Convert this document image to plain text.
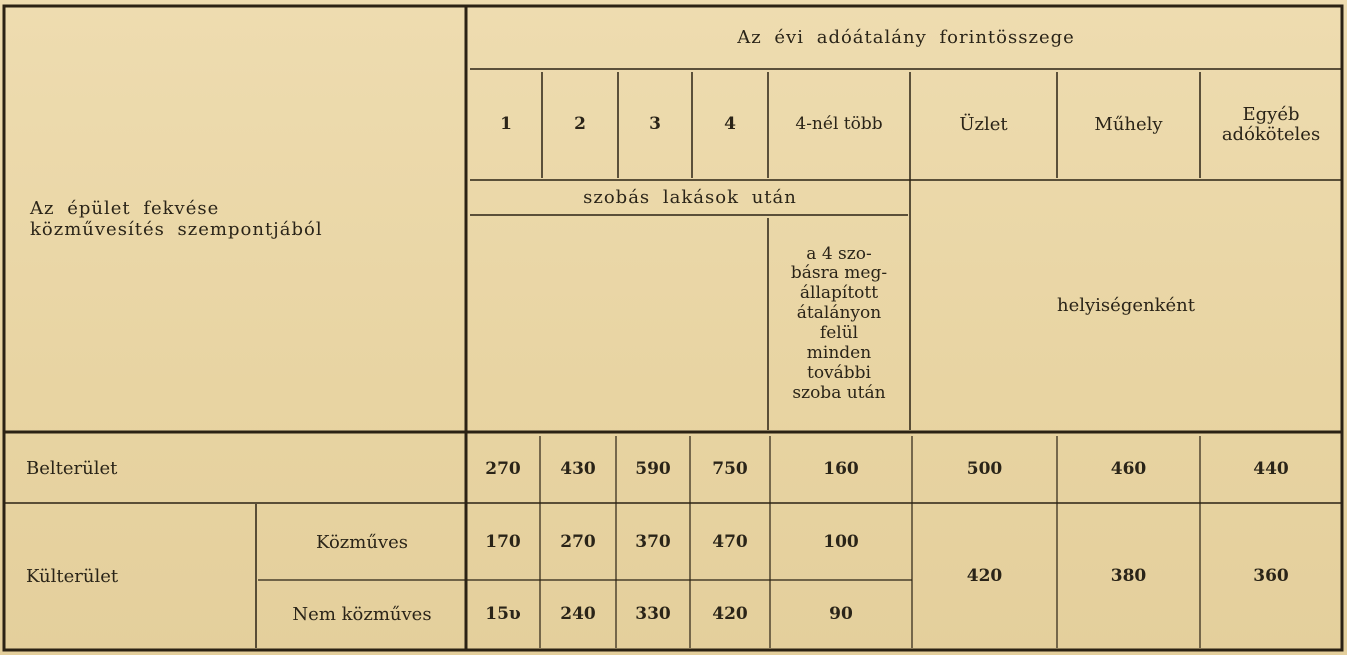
Az épület fekvése
közművesítés szempontjából
Az évi adóátalány forintösszege
1	2	3	4	4-nél több	Üzlet	Műhely	Egyéb
adóköteles
szobás lakások után
a 4 szo-
básra meg-
állapított
átalányon
felül
minden
további
szoba után
helyiségenként
Belterület	270	430	590	750	160	500	460	440
Külterület
Közműves	170	270	370	470	100
Nem közműves	15υ	240	330	420	90
420	380	360
